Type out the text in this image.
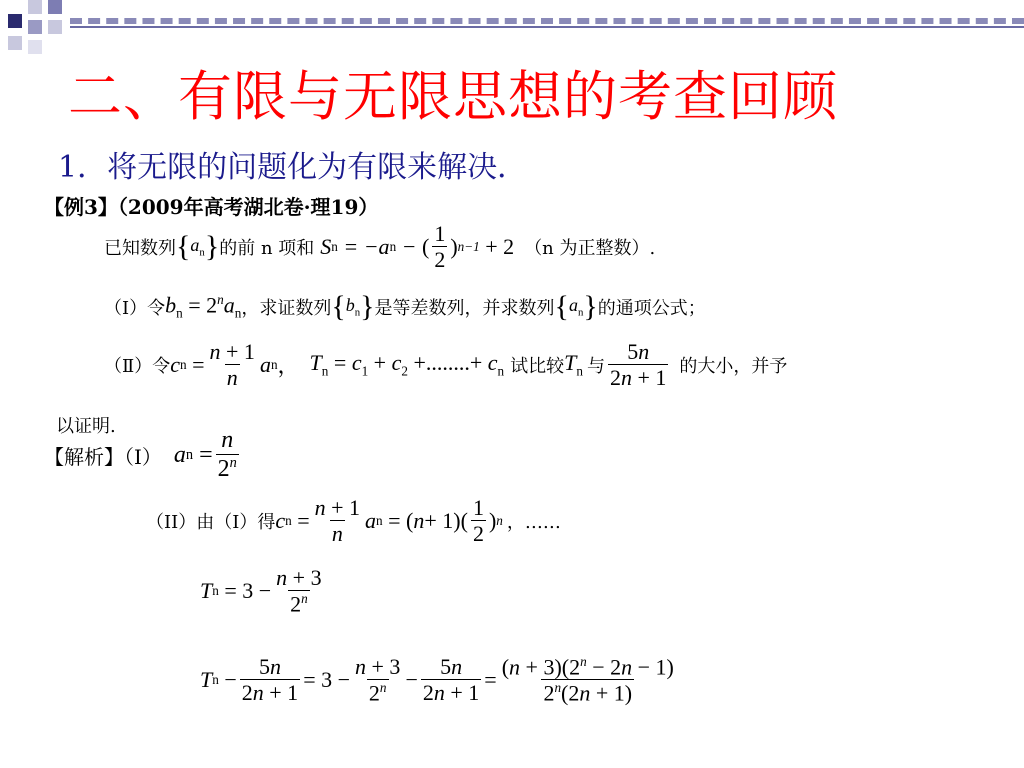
二、有限与无限思想的考查回顾
1．将无限的问题化为有限来解决．
【例3】（2009年高考湖北卷·理19）
已知数列 $\{a_n\}$ 的前 n 项和 S n = −a n − ( $\frac{1}{2}$ ) n−1
+ 2 （n 为正整数）.
（Ⅰ）令 $b_n = 2^na_n$ ，求证数列 $\{b_n\}$ 是等差数列，并求数列 $\{a_n\}$ 的通项公式；
（Ⅱ）令 c n
= $\frac{n + 1}{n}$ a n ， $T_n = c_1 + c_2$ +........+ $c_n$ 试比较 $T_n$ 与 $\frac{5n}{2n + 1}$ 的大小，并予
以证明.
【解析】（Ⅰ） a n
= $\frac{n}{2^n}$
（II）由（I）得 c n
= $\frac{n + 1}{n}$ a n
= ( $n + 1)( \frac{1}{2}$ ) n ，……
T n
= $3 - \frac{n + 3}{2^n}$
T n
− $\frac{5n}{2n + 1} = 3 - \frac{n + 3}{2^n} - \frac{5n}{2n + 1} = \frac{(n + 3)(2^n - 2n - 1)}{2^n(2n + 1)}$
